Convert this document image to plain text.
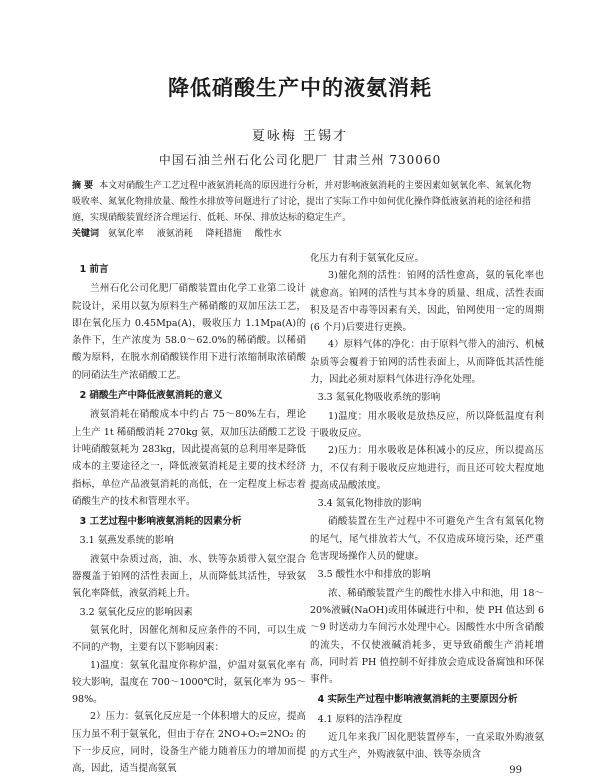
降低硝酸生产中的液氨消耗
夏咏梅 王锡才
中国石油兰州石化公司化肥厂 甘肃兰州 730060
摘 要 本文对硝酸生产工艺过程中液氨消耗高的原因进行分析，并对影响液氨消耗的主要因素如氨氧化率、氮氧化物吸收率、氮氧化物排放量、酸性水排放等问题进行了讨论，提出了实际工作中如何优化操作降低液氨消耗的途径和措施，实现硝酸装置经济合理运行、低耗、环保、排放达标的稳定生产。
关键词 氨氧化率 液氨消耗 降耗措施 酸性水
1 前言

兰州石化公司化肥厂硝酸装置由化学工业第二设计院设计，采用以氨为原料生产稀硝酸的双加压法工艺，即在氧化压力 0.45Mpa(A)，吸收压力 1.1Mpa(A)的条件下，生产浓度为 58.0～62.0%的稀硝酸。以稀硝酸为原料，在脱水剂硝酸镁作用下进行浓缩制取浓硝酸的同硝法生产浓硝酸工艺。

2 硝酸生产中降低液氨消耗的意义

液氨消耗在硝酸成本中约占 75～80%左右，理论上生产 1t 稀硝酸消耗 270kg 氨，双加压法硝酸工艺设计吨硝酸氨耗为 283kg，因此提高氨的总利用率是降低成本的主要途径之一，降低液氨消耗是主要的技术经济指标，单位产品液氨消耗的高低，在一定程度上标志着硝酸生产的技术和管理水平。

3 工艺过程中影响液氨消耗的因素分析
3.1 氨燕发系统的影响

液氨中杂质过高，油、水、铁等杂质带入氨空混合器覆盖于铂网的活性表面上，从而降低其活性，导致氨氧化率降低，液氨消耗上升。

3.2 氨氧化反应的影响因素

氨氧化时，因催化剂和反应条件的不同，可以生成不同的产物，主要有以下影响因素：

1)温度：氨氧化温度你称炉温，炉温对氨氧化率有较大影响，温度在 700～1000℃时，氨氧化率为 95～98%。

2）压力：氨氧化反应是一个体积增大的反应，提高压力虽不利于氨氧化，但由于存在 2NO+O₂=2NO₂ 的下一步反应，同时，设备生产能力随着压力的增加而提高，因此，适当提高氨氧

化压力有利于氨氧化反应。

3)催化剂的活性：铂网的活性愈高，氨的氧化率也就愈高。铂网的活性与其本身的质量、组成、活性表面积及是否中毒等因素有关，因此，铂网使用一定的周期(6 个月)后要进行更换。

4）原料气体的净化：由于原料气带入的油污、机械杂质等会覆着于铂网的活性表面上，从而降低其活性能力，因此必须对原料气体进行净化处理。

3.3 氮氧化物吸收系统的影响

1)温度：用水吸收是放热反应，所以降低温度有利于吸收反应。

2)压力：用水吸收是体积减小的反应，所以提高压力，不仅有利于吸收反应地进行，而且还可较大程度地提高成品酸浓度。

3.4 氮氧化物排放的影响

硝酸装置在生产过程中不可避免产生含有氮氧化物的尾气，尾气排放若大气，不仅造成环境污染，还严重危害现场操作人员的健康。

3.5 酸性水中和排放的影响

浓、稀硝酸装置产生的酸性水排入中和池，用 18～20%液碱(NaOH)或用体碱进行中和，使 PH 值达到 6～9 时送动力车间污水处理中心。因酸性水中所含硝酸的流失，不仅使液碱消耗多，更导致硝酸生产消耗增高，同时若 PH 值控制不好排放会造成设备腐蚀和环保事件。

4 实际生产过程中影响液氨消耗的主要原因分析
4.1 原料的洁净程度

近几年来我厂因化肥装置停车，一直采取外购液氨的方式生产，外购液氨中油、铁等杂质含

99
